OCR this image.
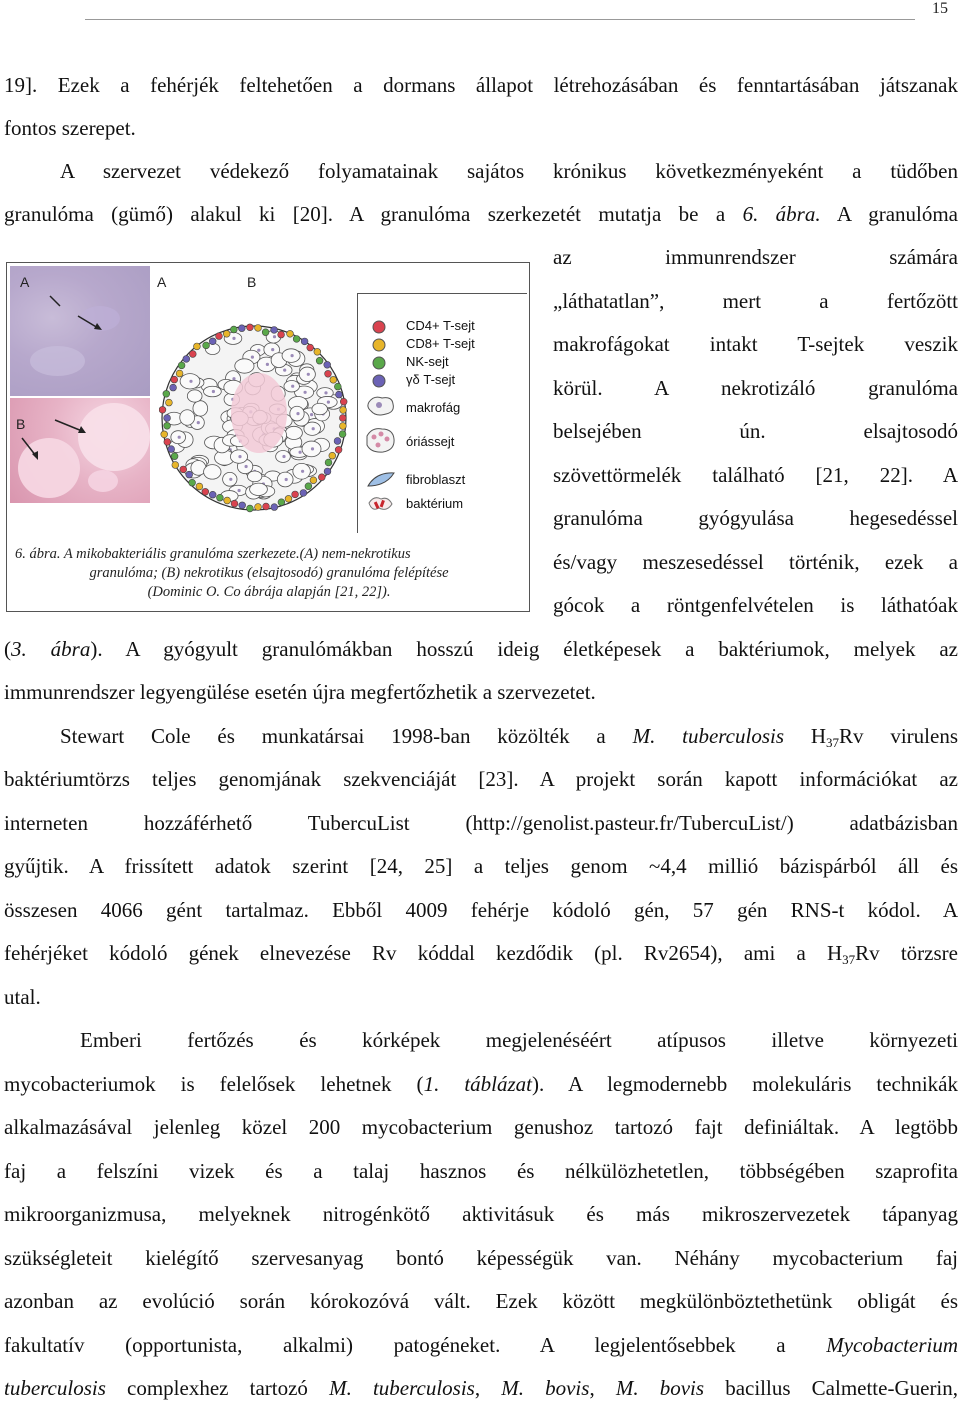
15
19]. Ezek a fehérjék feltehetően a dormans állapot létrehozásában és fenntartásában játszanak
fontos szerepet.
A szervezet védekező folyamatainak sajátos krónikus következményeként a tüdőben
granulóma (gümő) alakul ki [20]. A granulóma szerkezetét mutatja be a 6. ábra. A granulóma
az immunrendszer számára
„láthatatlan”, mert a fertőzött
makrofágokat intakt T-sejtek veszik
körül. A nekrotizáló granulóma
belsejében ún. elsajtosodó
szövettörmelék található [21, 22]. A
granulóma gyógyulása hegesedéssel
és/vagy meszesedéssel történik, ezek a
gócok a röntgenfelvételen is láthatóak
A
B
A	B
CD4+ T-sejt
CD8+ T-sejt
NK-sejt
γδ T-sejt
makrofág
óriássejt
fibroblaszt
baktérium
6. ábra. A mikobakteriális granulóma szerkezete.(A) nem-nekrotikus
granulóma; (B) nekrotikus (elsajtosodó) granulóma felépítése
(Dominic O. Co ábrája alapján [21, 22]).
(3. ábra). A gyógyult granulómákban hosszú ideig életképesek a baktériumok, melyek az
immunrendszer legyengülése esetén újra megfertőzhetik a szervezetet.
Stewart Cole és munkatársai 1998-ban közölték a M. tuberculosis $H_{37}Rv$ virulens
baktériumtörzs teljes genomjának szekvenciáját [23]. A projekt során kapott információkat az
interneten hozzáférhető TubercuList (http://genolist.pasteur.fr/TubercuList/) adatbázisban
gyűjtik. A frissített adatok szerint [24, 25] a teljes genom ~4,4 millió bázispárból áll és
összesen 4066 gént tartalmaz. Ebből 4009 fehérje kódoló gén, 57 gén RNS-t kódol. A
fehérjéket kódoló gének elnevezése Rv kóddal kezdődik (pl. Rv2654), ami a $H_{37}Rv$ törzsre
utal.
Emberi fertőzés és kórképek megjelenéséért atípusos illetve környezeti
mycobacteriumok is felelősek lehetnek (1. táblázat). A legmodernebb molekuláris technikák
alkalmazásával jelenleg közel 200 mycobacterium genushoz tartozó fajt definiáltak. A legtöbb
faj a felszíni vizek és a talaj hasznos és nélkülözhetetlen, többségében szaprofita
mikroorganizmusa, melyeknek nitrogénkötő aktivitásuk és más mikroszervezetek tápanyag
szükségleteit kielégítő szervesanyag bontó képességük van. Néhány mycobacterium faj
azonban az evolúció során kórokozóvá vált. Ezek között megkülönböztethetünk obligát és
fakultatív (opportunista, alkalmi) patogéneket. A legjelentősebbek a Mycobacterium
tuberculosis complexhez tartozó M. tuberculosis, M. bovis, M. bovis bacillus Calmette-Guerin,
